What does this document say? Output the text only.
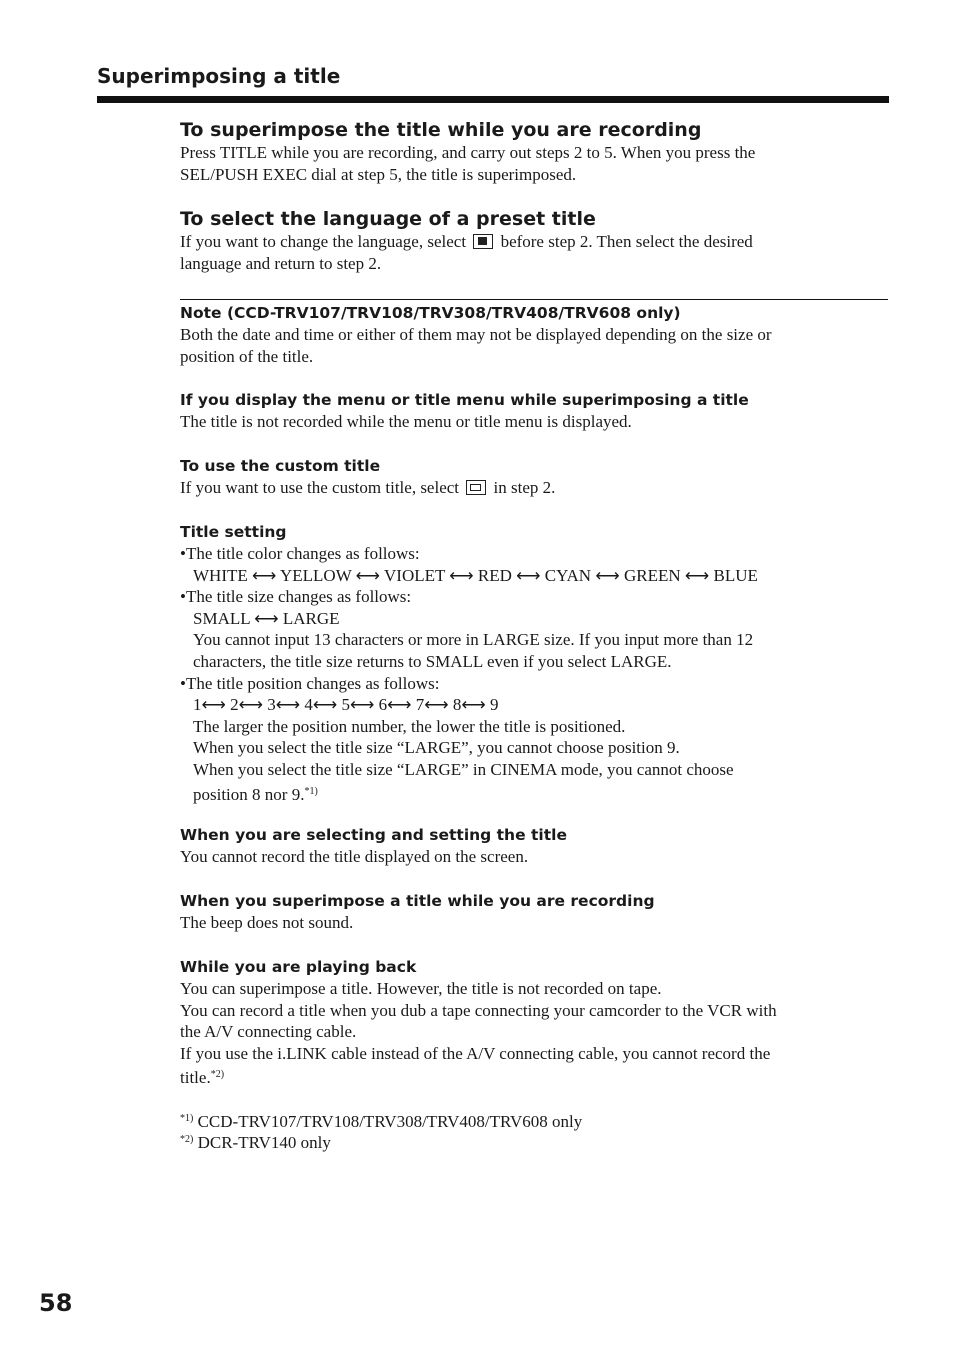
Superimposing a title
To superimpose the title while you are recording
Press TITLE while you are recording, and carry out steps 2 to 5. When you press the
SEL/PUSH EXEC dial at step 5, the title is superimposed.
To select the language of a preset title
If you want to change the language, select before step 2. Then select the desired
language and return to step 2.
Note (CCD-TRV107/TRV108/TRV308/TRV408/TRV608 only)
Both the date and time or either of them may not be displayed depending on the size or
position of the title.
If you display the menu or title menu while superimposing a title
The title is not recorded while the menu or title menu is displayed.
To use the custom title
If you want to use the custom title, select in step 2.
Title setting
•The title color changes as follows:
WHITE ⟷ YELLOW ⟷ VIOLET ⟷ RED ⟷ CYAN ⟷ GREEN ⟷ BLUE
•The title size changes as follows:
SMALL ⟷ LARGE
You cannot input 13 characters or more in LARGE size. If you input more than 12
characters, the title size returns to SMALL even if you select LARGE.
•The title position changes as follows:
1⟷ 2⟷ 3⟷ 4⟷ 5⟷ 6⟷ 7⟷ 8⟷ 9
The larger the position number, the lower the title is positioned.
When you select the title size “LARGE”, you cannot choose position 9.
When you select the title size “LARGE” in CINEMA mode, you cannot choose
position 8 nor 9.$^{*1)}$
When you are selecting and setting the title
You cannot record the title displayed on the screen.
When you superimpose a title while you are recording
The beep does not sound.
While you are playing back
You can superimpose a title. However, the title is not recorded on tape.
You can record a title when you dub a tape connecting your camcorder to the VCR with
the A/V connecting cable.
If you use the i.LINK cable instead of the A/V connecting cable, you cannot record the
title.$^{*2)}$
$^{*1)}$ CCD-TRV107/TRV108/TRV308/TRV408/TRV608 only
$^{*2)}$ DCR-TRV140 only
58
